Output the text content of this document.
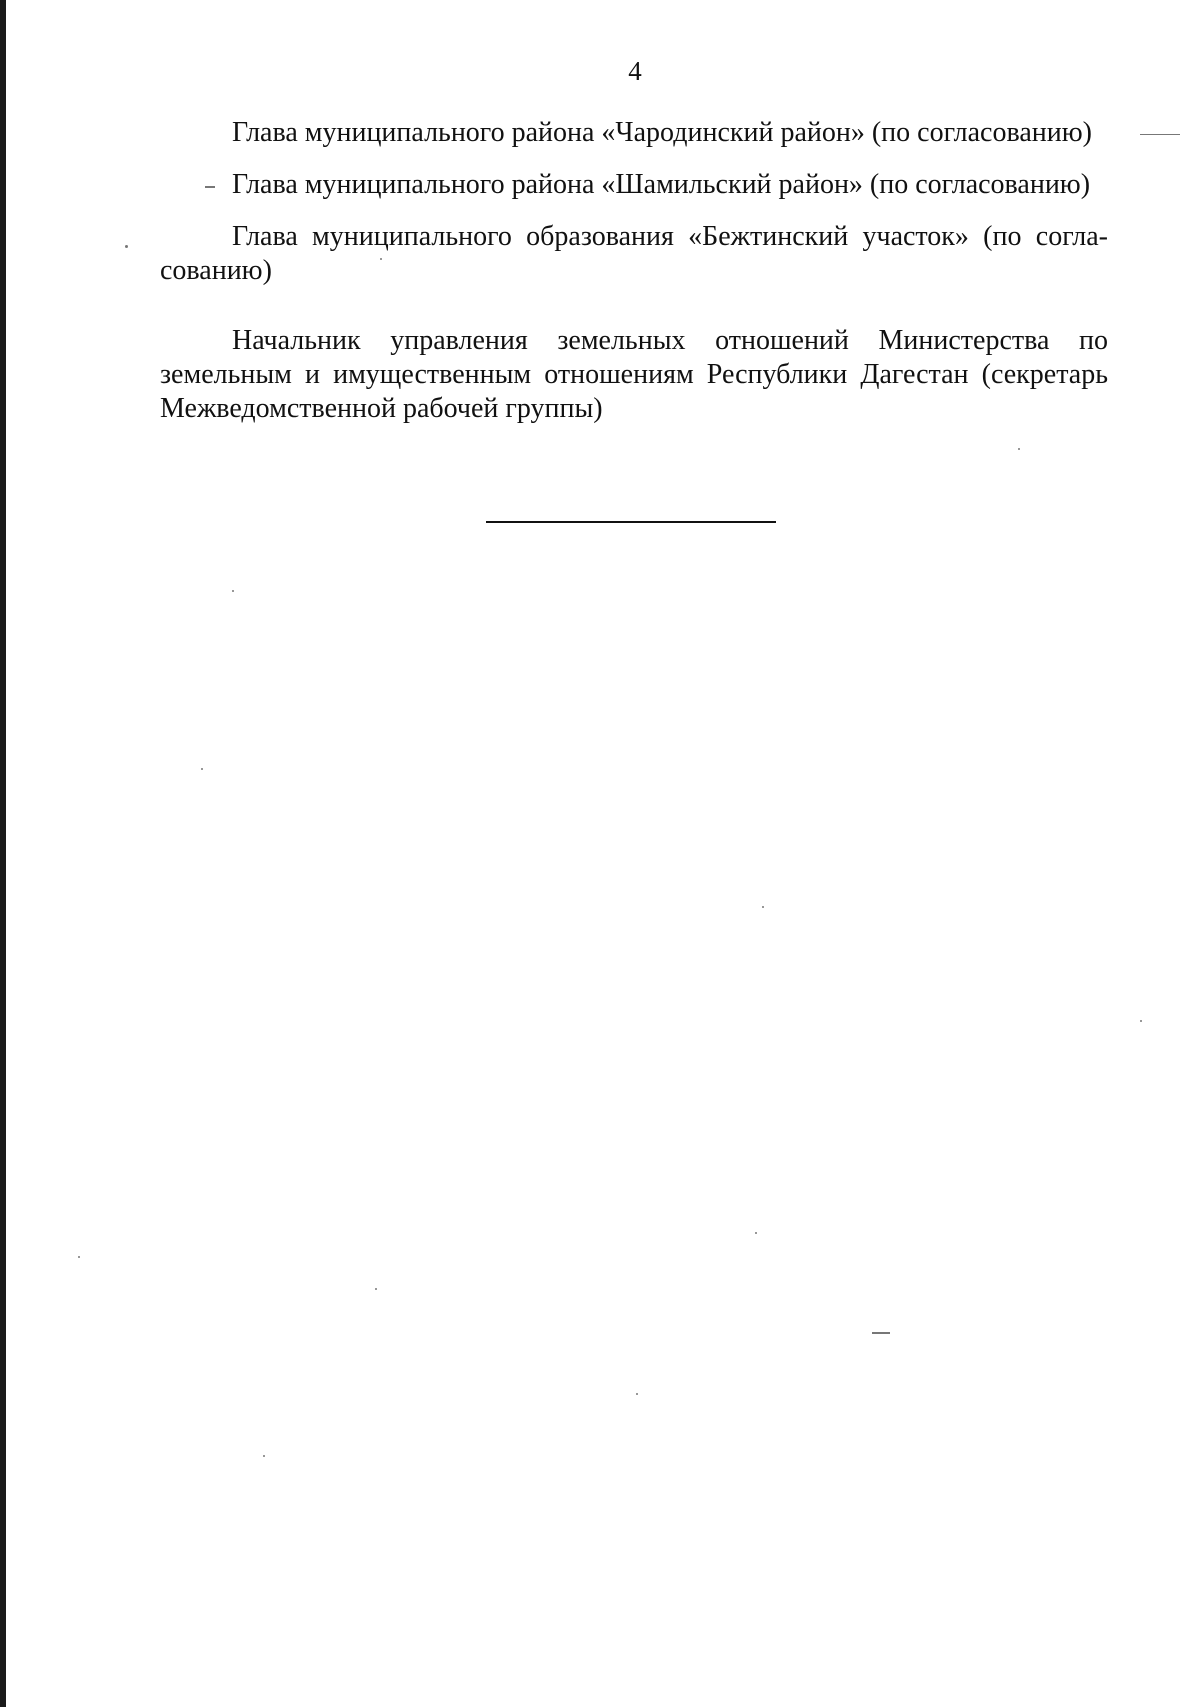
4

Глава муниципального района «Чародинский район» (по согласованию)

Глава муниципального района «Шамильский район» (по согласованию)

Глава муниципального образования «Бежтинский участок» (по согла-сованию)

Начальник управления земельных отношений Министерства по земельным и имущественным отношениям Республики Дагестан (секретарь Межведомственной рабочей группы)
